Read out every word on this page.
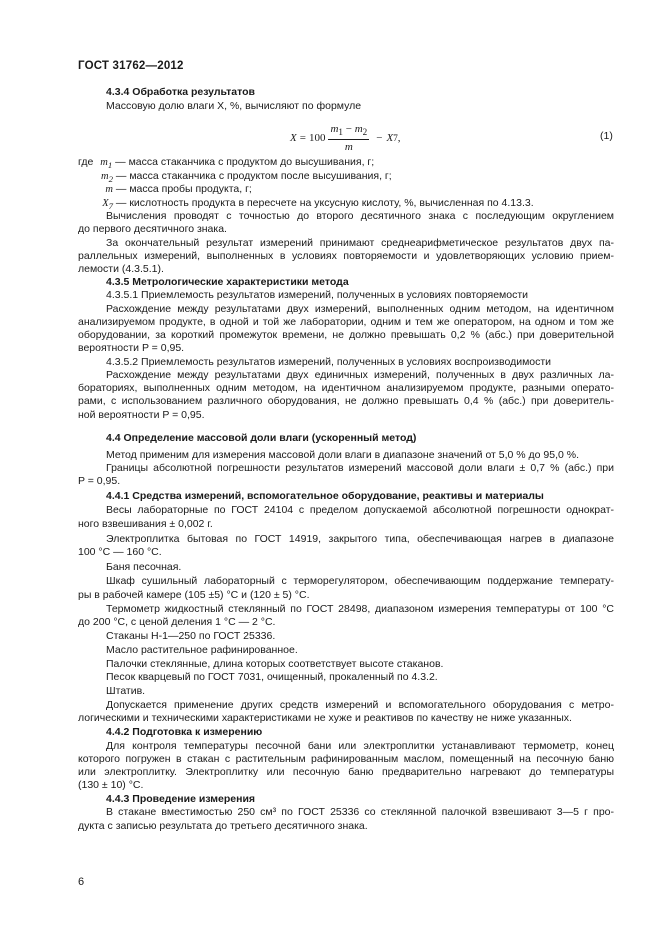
ГОСТ 31762—2012
4.3.4 Обработка результатов
Массовую долю влаги X, %, вычисляют по формуле
$X = 100 \frac{m_1 - m_2}{m} - X$ 7 ,	(1)
где $m_1$ — масса стаканчика с продуктом до высушивания, г;
$m_2$ — масса стаканчика с продуктом после высушивания, г;
m — масса пробы продукта, г;
$X_7$ — кислотность продукта в пересчете на уксусную кислоту, %, вычисленная по 4.13.3.
Вычисления проводят с точностью до второго десятичного знака с последующим округлением
до первого десятичного знака.
За окончательный результат измерений принимают среднеарифметическое результатов двух па-
раллельных измерений, выполненных в условиях повторяемости и удовлетворяющих условию прием-
лемости (4.3.5.1).
4.3.5 Метрологические характеристики метода
4.3.5.1 Приемлемость результатов измерений, полученных в условиях повторяемости
Расхождение между результатами двух измерений, выполненных одним методом, на идентичном
анализируемом продукте, в одной и той же лаборатории, одним и тем же оператором, на одном и том же
оборудовании, за короткий промежуток времени, не должно превышать 0,2 % (абс.) при доверительной
вероятности P = 0,95.
4.3.5.2 Приемлемость результатов измерений, полученных в условиях воспроизводимости
Расхождение между результатами двух единичных измерений, полученных в двух различных ла-
бораториях, выполненных одним методом, на идентичном анализируемом продукте, разными операто-
рами, с использованием различного оборудования, не должно превышать 0,4 % (абс.) при доверитель-
ной вероятности P = 0,95.
4.4 Определение массовой доли влаги (ускоренный метод)
Метод применим для измерения массовой доли влаги в диапазоне значений от 5,0 % до 95,0 %.
Границы абсолютной погрешности результатов измерений массовой доли влаги ± 0,7 % (абс.) при
P = 0,95.
4.4.1 Средства измерений, вспомогательное оборудование, реактивы и материалы
Весы лабораторные по ГОСТ 24104 с пределом допускаемой абсолютной погрешности однократ-
ного взвешивания ± 0,002 г.
Электроплитка бытовая по ГОСТ 14919, закрытого типа, обеспечивающая нагрев в диапазоне
100 °С — 160 °С.
Баня песочная.
Шкаф сушильный лабораторный с терморегулятором, обеспечивающим поддержание температу-
ры в рабочей камере (105 ±5) °С и (120 ± 5) °С.
Термометр жидкостный стеклянный по ГОСТ 28498, диапазоном измерения температуры от 100 °С
до 200 °С, с ценой деления 1 °С — 2 °С.
Стаканы Н-1—250 по ГОСТ 25336.
Масло растительное рафинированное.
Палочки стеклянные, длина которых соответствует высоте стаканов.
Песок кварцевый по ГОСТ 7031, очищенный, прокаленный по 4.3.2.
Штатив.
Допускается применение других средств измерений и вспомогательного оборудования с метро-
логическими и техническими характеристиками не хуже и реактивов по качеству не ниже указанных.
4.4.2 Подготовка к измерению
Для контроля температуры песочной бани или электроплитки устанавливают термометр, конец
которого погружен в стакан с растительным рафинированным маслом, помещенный на песочную баню
или электроплитку. Электроплитку или песочную баню предварительно нагревают до температуры
(130 ± 10) °С.
4.4.3 Проведение измерения
В стакане вместимостью 250 см³ по ГОСТ 25336 со стеклянной палочкой взвешивают 3—5 г про-
дукта с записью результата до третьего десятичного знака.
6
